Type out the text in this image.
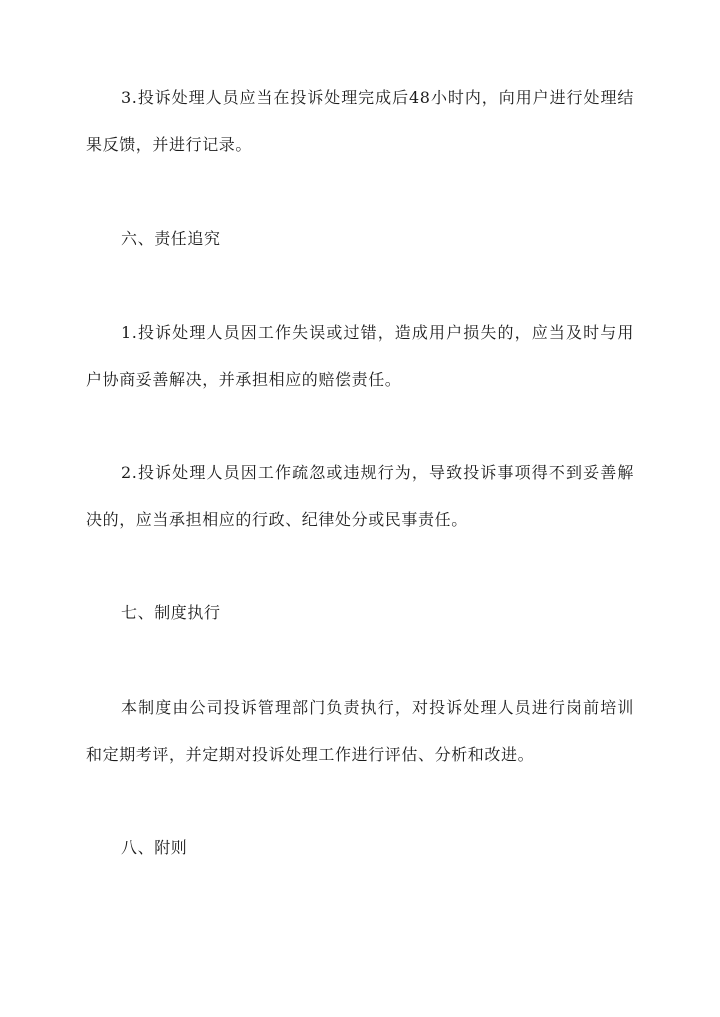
3.投诉处理人员应当在投诉处理完成后48小时内，向用户进行处理结果反馈，并进行记录。

六、责任追究

1.投诉处理人员因工作失误或过错，造成用户损失的，应当及时与用户协商妥善解决，并承担相应的赔偿责任。

2.投诉处理人员因工作疏忽或违规行为，导致投诉事项得不到妥善解决的，应当承担相应的行政、纪律处分或民事责任。

七、制度执行

本制度由公司投诉管理部门负责执行，对投诉处理人员进行岗前培训和定期考评，并定期对投诉处理工作进行评估、分析和改进。

八、附则
